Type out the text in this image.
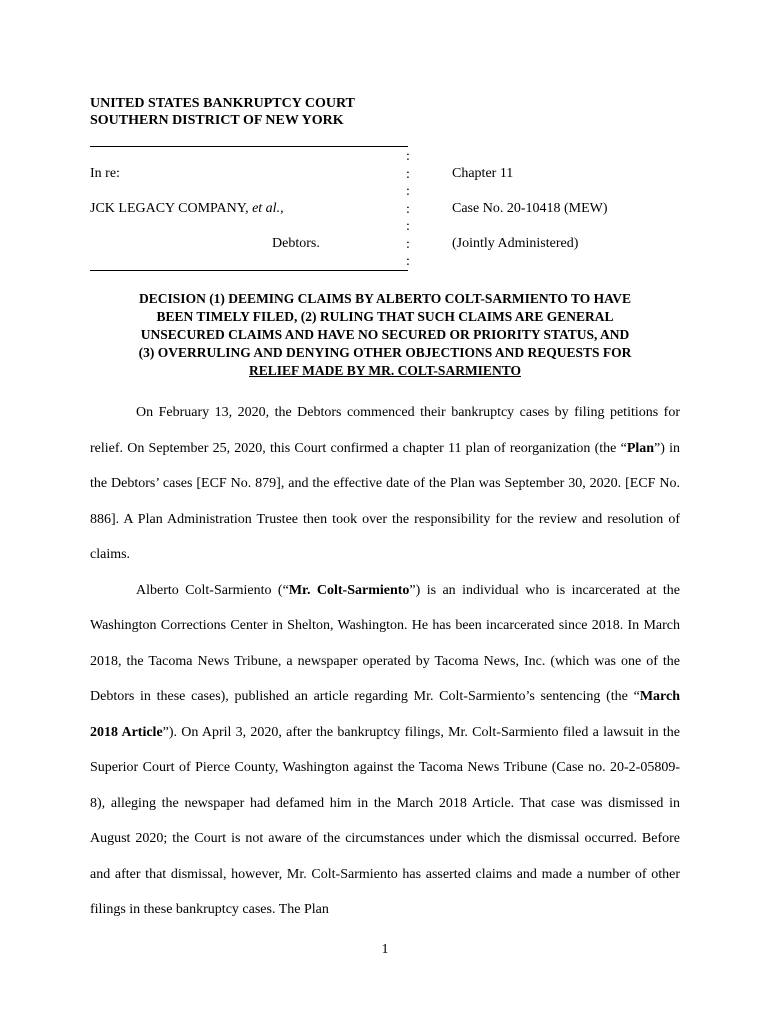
UNITED STATES BANKRUPTCY COURT
SOUTHERN DISTRICT OF NEW YORK
:
:
:
:
:
:
:
In re:
JCK LEGACY COMPANY, et al.,
Debtors.
Chapter 11
Case No. 20-10418 (MEW)
(Jointly Administered)
DECISION (1) DEEMING CLAIMS BY ALBERTO COLT-SARMIENTO TO HAVE
BEEN TIMELY FILED, (2) RULING THAT SUCH CLAIMS ARE GENERAL
UNSECURED CLAIMS AND HAVE NO SECURED OR PRIORITY STATUS, AND
(3) OVERRULING AND DENYING OTHER OBJECTIONS AND REQUESTS FOR
RELIEF MADE BY MR. COLT-SARMIENTO

On February 13, 2020, the Debtors commenced their bankruptcy cases by filing petitions for relief. On September 25, 2020, this Court confirmed a chapter 11 plan of reorganization (the “Plan”) in the Debtors’ cases [ECF No. 879], and the effective date of the Plan was September 30, 2020. [ECF No. 886]. A Plan Administration Trustee then took over the responsibility for the review and resolution of claims.

Alberto Colt-Sarmiento (“Mr. Colt-Sarmiento”) is an individual who is incarcerated at the Washington Corrections Center in Shelton, Washington. He has been incarcerated since 2018. In March 2018, the Tacoma News Tribune, a newspaper operated by Tacoma News, Inc. (which was one of the Debtors in these cases), published an article regarding Mr. Colt-Sarmiento’s sentencing (the “March 2018 Article”). On April 3, 2020, after the bankruptcy filings, Mr. Colt-Sarmiento filed a lawsuit in the Superior Court of Pierce County, Washington against the Tacoma News Tribune (Case no. 20-2-05809-8), alleging the newspaper had defamed him in the March 2018 Article. That case was dismissed in August 2020; the Court is not aware of the circumstances under which the dismissal occurred. Before and after that dismissal, however, Mr. Colt-Sarmiento has asserted claims and made a number of other filings in these bankruptcy cases. The Plan

1
